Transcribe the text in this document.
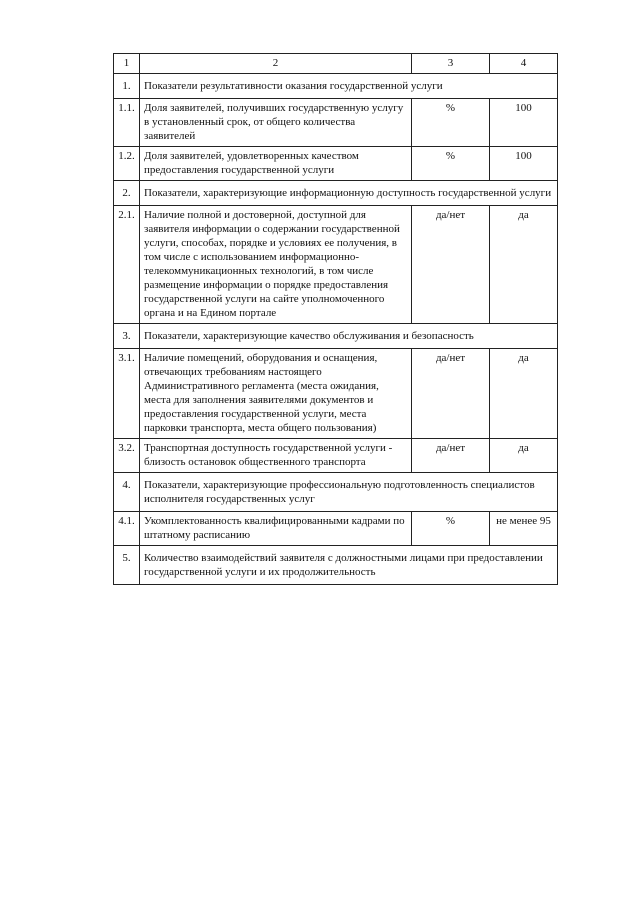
1	2	3	4
1.	Показатели результативности оказания государственной услуги		
1.1.	Доля заявителей, получивших государственную услугу в установленный срок, от общего количества заявителей	%	100
1.2.	Доля заявителей, удовлетворенных качеством предоставления государственной услуги	%	100
2.	Показатели, характеризующие информационную доступность государственной услуги		
2.1.	Наличие полной и достоверной, доступной для заявителя информации о содержании государственной услуги, способах, порядке и условиях ее получения, в том числе с использованием информационно-телекоммуникационных технологий, в том числе размещение информации о порядке предоставления государственной услуги на сайте уполномоченного органа и на Едином портале	да/нет	да
3.	Показатели, характеризующие качество обслуживания и безопасность		
3.1.	Наличие помещений, оборудования и оснащения, отвечающих требованиям настоящего Административного регламента (места ожидания, места для заполнения заявителями документов и предоставления государственной услуги, места парковки транспорта, места общего пользования)	да/нет	да
3.2.	Транспортная доступность государственной услуги - близость остановок общественного транспорта	да/нет	да
4.	Показатели, характеризующие профессиональную подготовленность специалистов исполнителя государственных услуг		
4.1.	Укомплектованность квалифицированными кадрами по штатному расписанию	%	не менее 95
5.	Количество взаимодействий заявителя с должностными лицами при предоставлении государственной услуги и их продолжительность		
